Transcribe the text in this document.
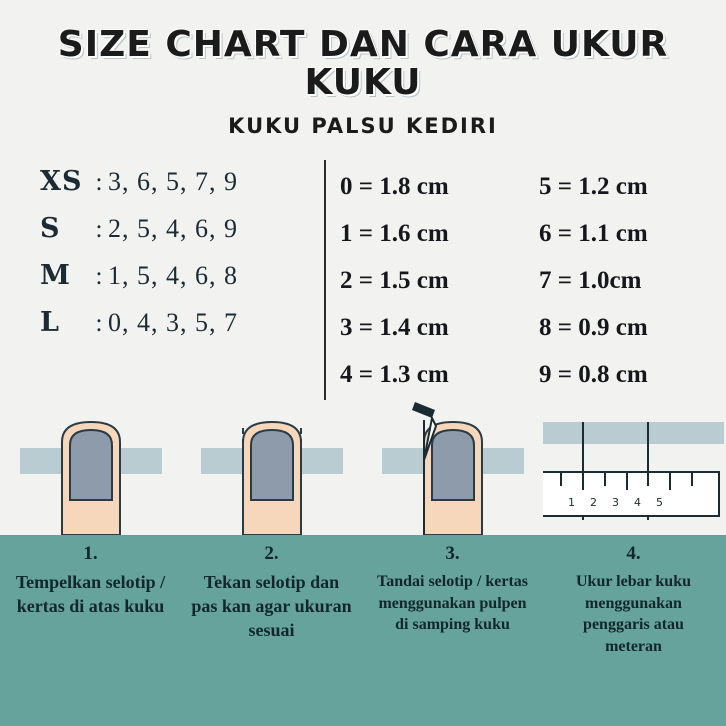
SIZE CHART DAN CARA UKUR KUKU
KUKU PALSU KEDIRI
XS : 3, 6, 5, 7, 9
S	: 2, 5, 4, 6, 9
M : 1, 5, 4, 6, 8
L	: 0, 4, 3, 5, 7
0 = 1.8 cm	5 = 1.2 cm
1 = 1.6 cm	6 = 1.1 cm
2 = 1.5 cm	7 = 1.0cm
3 = 1.4 cm	8 = 0.9 cm
4 = 1.3 cm	9 = 0.8 cm
1 2 3 4 5
1.
Tempelkan selotip / kertas di atas kuku
2.
Tekan selotip dan pas kan agar ukuran sesuai
3.
Tandai selotip / kertas menggunakan pulpen di samping kuku
4.
Ukur lebar kuku menggunakan penggaris atau meteran
